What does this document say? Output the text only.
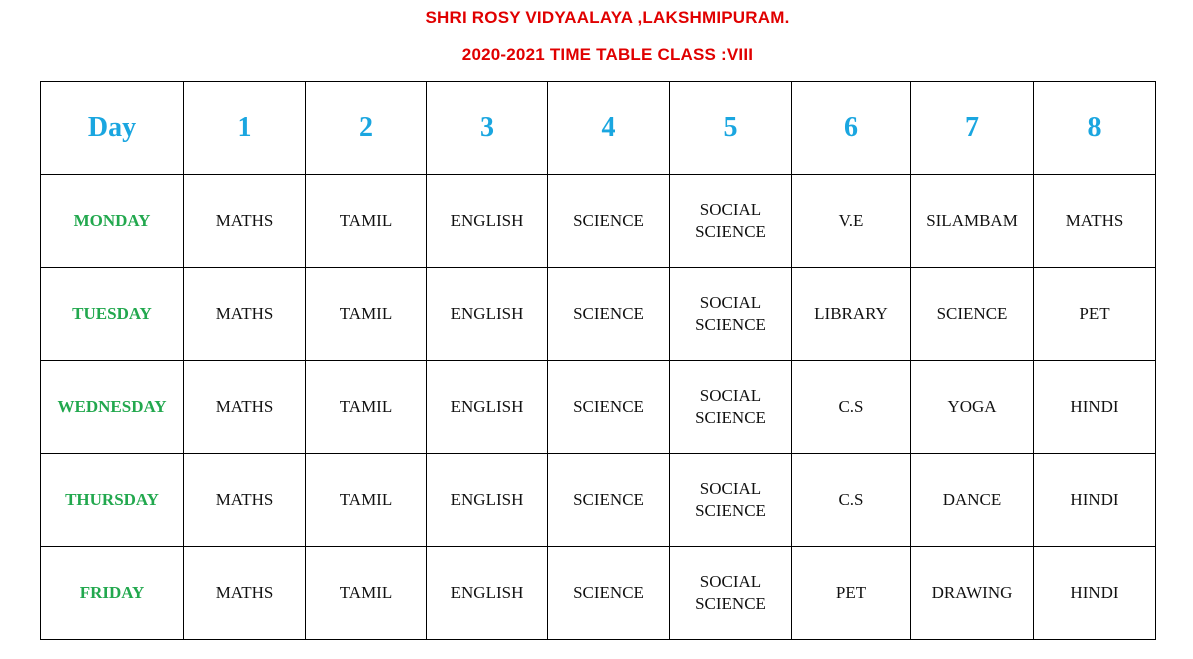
SHRI ROSY VIDYAALAYA ,LAKSHMIPURAM.
2020-2021 TIME TABLE CLASS :VIII
Day	1	2	3	4	5	6	7	8
MONDAY	MATHS	TAMIL	ENGLISH	SCIENCE	SOCIAL SCIENCE	V.E	SILAMBAM	MATHS
TUESDAY	MATHS	TAMIL	ENGLISH	SCIENCE	SOCIAL SCIENCE	LIBRARY	SCIENCE	PET
WEDNESDAY	MATHS	TAMIL	ENGLISH	SCIENCE	SOCIAL SCIENCE	C.S	YOGA	HINDI
THURSDAY	MATHS	TAMIL	ENGLISH	SCIENCE	SOCIAL SCIENCE	C.S	DANCE	HINDI
FRIDAY	MATHS	TAMIL	ENGLISH	SCIENCE	SOCIAL SCIENCE	PET	DRAWING	HINDI
